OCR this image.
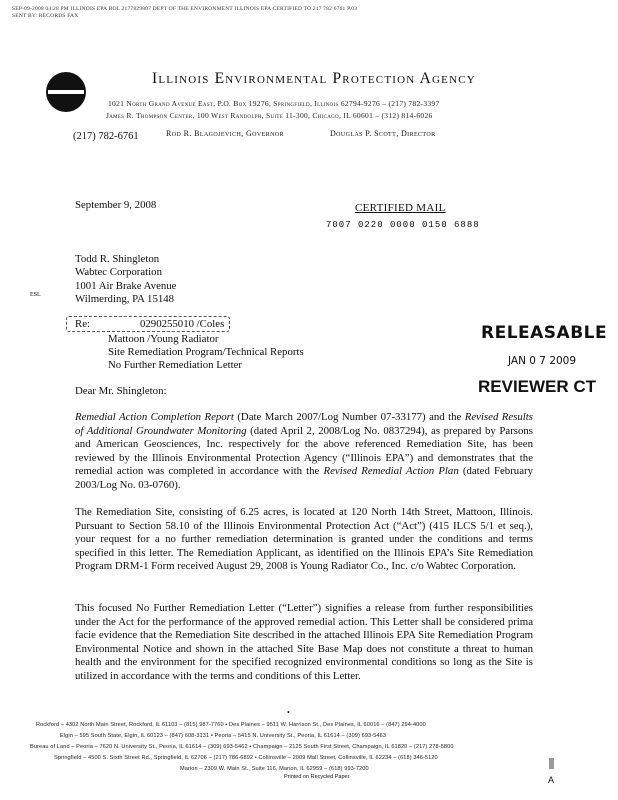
SEP-09-2008 04:28 PM ILLINOIS EPA BOL 2177829807 DEPT OF THE ENVIRONMENT ILLINOIS EPA CERTIFIED TO 217 782 6761 P.03
SENT BY: RECORDS FAX
Illinois Environmental Protection Agency
1021 North Grand Avenue East, P.O. Box 19276, Springfield, Illinois 62794-9276 – (217) 782-3397
James R. Thompson Center, 100 West Randolph, Suite 11-300, Chicago, IL 60601 – (312) 814-6026
(217) 782-6761	Rod R. Blagojevich, Governor	Douglas P. Scott, Director
September 9, 2008	CERTIFIED MAIL
7007 0220 0000 0150 6888
Todd R. Shingleton
Wabtec Corporation
1001 Air Brake Avenue
Wilmerding, PA 15148
ESL
Re:	0290255010 /Coles
Mattoon /Young Radiator
Site Remediation Program/Technical Reports
No Further Remediation Letter
RELEASABLE
JAN 0 7 2009
REVIEWER CT
Dear Mr. Shingleton:
Remedial Action Completion Report (Date March 2007/Log Number 07-33177) and the Revised Results of Additional Groundwater Monitoring (dated April 2, 2008/Log No. 0837294), as prepared by Parsons and American Geosciences, Inc. respectively for the above referenced Remediation Site, has been reviewed by the Illinois Environmental Protection Agency (“Illinois EPA”) and demonstrates that the remedial action was completed in accordance with the Revised Remedial Action Plan (dated February 2003/Log No. 03-0760).
The Remediation Site, consisting of 6.25 acres, is located at 120 North 14th Street, Mattoon, Illinois. Pursuant to Section 58.10 of the Illinois Environmental Protection Act (“Act”) (415 ILCS 5/1 et seq.), your request for a no further remediation determination is granted under the conditions and terms specified in this letter. The Remediation Applicant, as identified on the Illinois EPA’s Site Remediation Program DRM-1 Form received August 29, 2008 is Young Radiator Co., Inc. c/o Wabtec Corporation.
This focused No Further Remediation Letter (“Letter”) signifies a release from further responsibilities under the Act for the performance of the approved remedial action. This Letter shall be considered prima facie evidence that the Remediation Site described in the attached Illinois EPA Site Remediation Program Environmental Notice and shown in the attached Site Base Map does not constitute a threat to human health and the environment for the specified recognized environmental conditions so long as the Site is utilized in accordance with the terms and conditions of this Letter.
•
Rockford – 4302 North Main Street, Rockford, IL 61103 – (815) 987-7760 • Des Plaines – 9511 W. Harrison St., Des Plaines, IL 60016 – (847) 294-4000
Elgin – 595 South State, Elgin, IL 60123 – (847) 608-3131 • Peoria – 5415 N. University St., Peoria, IL 61614 – (309) 693-5463
Bureau of Land – Peoria – 7620 N. University St., Peoria, IL 61614 – (309) 693-5462 • Champaign – 2125 South First Street, Champaign, IL 61820 – (217) 278-5800
Springfield – 4500 S. Sixth Street Rd., Springfield, IL 62706 – (217) 786-6892 • Collinsville – 2009 Mall Street, Collinsville, IL 62234 – (618) 346-5120
Marion – 2309 W. Main St., Suite 116, Marion, IL 62959 – (618) 993-7200
Printed on Recycled Paper	A
